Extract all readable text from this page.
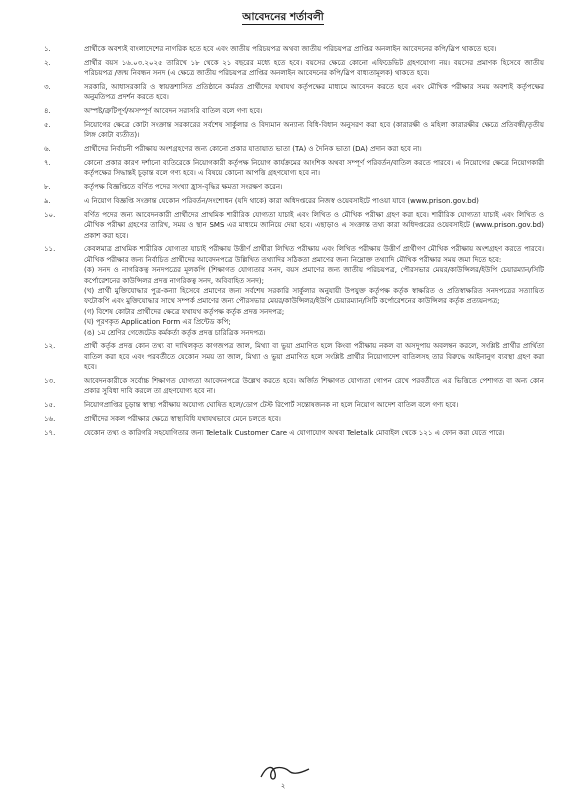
আবেদনের শর্তাবলী
১.	প্রার্থীকে অবশ্যই বাংলাদেশের নাগরিক হতে হবে এবং জাতীয় পরিচয়পত্র অথবা জাতীয় পরিচয়পত্র প্রাপ্তির অনলাইন আবেদনের কপি/স্লিপ থাকতে হবে।
২.	প্রার্থীর বয়স ১৬.০৩.২০২৫ তারিখে ১৮ থেকে ২১ বছরের মধ্যে হতে হবে। বয়সের ক্ষেত্রে কোনো এফিডেভিট গ্রহণযোগ্য নয়। বয়সের প্রমাণক হিসেবে জাতীয় পরিচয়পত্র /জন্ম নিবন্ধন সনদ (এ ক্ষেত্রে জাতীয় পরিচয়পত্র প্রাপ্তির অনলাইন আবেদনের কপি/স্লিপ বাধ্যতামূলক) থাকতে হবে।
৩.	সরকারি, আধাসরকারি ও স্বায়ত্তশাসিত প্রতিষ্ঠানে কর্মরত প্রার্থীদের যথাযথ কর্তৃপক্ষের মাধ্যমে আবেদন করতে হবে এবং মৌখিক পরীক্ষার সময় অবশ্যই কর্তৃপক্ষের অনুমতিপত্র প্রদর্শন করতে হবে।
৪.	অস্পষ্ট/ত্রুটিপূর্ণ/অসম্পূর্ণ আবেদন সরাসরি বাতিল বলে গণ্য হবে।
৫.	নিয়োগের ক্ষেত্রে কোটা সংক্রান্ত সরকারের সর্বশেষ সার্কুলার ও বিদ্যমান অন্যান্য বিধি-বিধান অনুসরণ করা হবে (কারারক্ষী ও মহিলা কারারক্ষীর ক্ষেত্রে প্রতিবন্ধী/তৃতীয় লিঙ্গ কোটা ব্যতীত)।
৬.	প্রার্থীদের নির্বাচনী পরীক্ষায় অংশগ্রহণের জন্য কোনো প্রকার যাতায়াত ভাতা (TA) ও দৈনিক ভাতা (DA) প্রদান করা হবে না।
৭.	কোনো প্রকার কারণ দর্শানো ব্যতিরেকে নিয়োগকারী কর্তৃপক্ষ নিয়োগ কার্যক্রমের আংশিক অথবা সম্পূর্ণ পরিবর্তন/বাতিল করতে পারবে। এ নিয়োগের ক্ষেত্রে নিয়োগকারী কর্তৃপক্ষের সিদ্ধান্তই চূড়ান্ত বলে গণ্য হবে। এ বিষয়ে কোনো আপত্তি গ্রহণযোগ্য হবে না।
৮.	কর্তৃপক্ষ বিজ্ঞপ্তিতে বর্ণিত পদের সংখ্যা হ্রাস-বৃদ্ধির ক্ষমতা সংরক্ষণ করেন।
৯.	এ নিয়োগ বিজ্ঞপ্তি সংক্রান্ত যেকোন পরিবর্তন/সংশোধন (যদি থাকে) কারা অধিদপ্তরের নিজস্ব ওয়েবসাইটে পাওয়া যাবে (www.prison.gov.bd)
১০.	বর্ণিত পদের জন্য আবেদনকারী প্রার্থীদের প্রাথমিক শারীরিক যোগ্যতা যাচাই এবং লিখিত ও মৌখিক পরীক্ষা গ্রহণ করা হবে। শারীরিক যোগ্যতা যাচাই এবং লিখিত ও মৌখিক পরীক্ষা গ্রহণের তারিখ, সময় ও স্থান SMS এর মাধ্যমে জানিয়ে দেয়া হবে। এছাড়াও এ সংক্রান্ত তথ্য কারা অধিদপ্তরের ওয়েবসাইটে (www.prison.gov.bd) প্রকাশ করা হবে।
১১.	কেবলমাত্র প্রাথমিক শারীরিক যোগ্যতা যাচাই পরীক্ষায় উত্তীর্ণ প্রার্থীরা লিখিত পরীক্ষায় এবং লিখিত পরীক্ষায় উত্তীর্ণ প্রার্থীগণ মৌখিক পরীক্ষায় অংশগ্রহণ করতে পারবে। মৌখিক পরীক্ষার জন্য নির্বাচিত প্রার্থীদের আবেদনপত্রে উল্লিখিত তথ্যাদির সঠিকতা প্রমাণের জন্য নিম্নোক্ত তথ্যাদি মৌখিক পরীক্ষার সময় জমা দিতে হবে:
(ক) সনদ ও নাগরিকত্ব সনদপত্রের মূলকপি (শিক্ষাগত যোগ্যতার সনদ, বয়স প্রমাণের জন্য জাতীয় পরিচয়পত্র, পৌরসভার মেয়র/কাউন্সিলর/ইউপি চেয়ারম্যান/সিটি কর্পোরেশনের কাউন্সিলর প্রদত্ত নাগরিকত্ব সনদ, অবিবাহিত সনদ);
(খ) প্রার্থী মুক্তিযোদ্ধার পুত্র-কন্যা হিসেবে প্রমাণের জন্য সর্বশেষ সরকারি সার্কুলার অনুযায়ী উপযুক্ত কর্তৃপক্ষ কর্তৃক স্বাক্ষরিত ও প্রতিস্বাক্ষরিত সনদপত্রের সত্যায়িত ফটোকপি এবং মুক্তিযোদ্ধার সাথে সম্পর্ক প্রমাণের জন্য পৌরসভার মেয়র/কাউন্সিলর/ইউপি চেয়ারম্যান/সিটি কর্পোরেশনের কাউন্সিলর কর্তৃক প্রত্যয়নপত্র;
(গ) বিশেষ কোটার প্রার্থীদের ক্ষেত্রে যথাযথ কর্তৃপক্ষ কর্তৃক প্রদত্ত সনদপত্র;
(ঘ) পূরণকৃত Application Form এর প্রিন্টেড কপি;
(ঙ) ১ম শ্রেণির গেজেটেড কর্মকর্তা কর্তৃক প্রদত্ত চারিত্রিক সনদপত্র।
১২.	প্রার্থী কর্তৃক প্রদত্ত কোন তথ্য বা দাখিলকৃত কাগজপত্র জাল, মিথ্যা বা ভুয়া প্রমাণিত হলে কিংবা পরীক্ষায় নকল বা অসদুপায় অবলম্বন করলে, সংশ্লিষ্ট প্রার্থীর প্রার্থিতা বাতিল করা হবে এবং পরবর্তীতে যেকোন সময় তা জাল, মিথ্যা ও ভুয়া প্রমাণিত হলে সংশ্লিষ্ট প্রার্থীর নিয়োগাদেশ বাতিলসহ তার বিরুদ্ধে আইনানুগ ব্যবস্থা গ্রহণ করা হবে।
১৩.	আবেদনকারীকে সর্বোচ্চ শিক্ষাগত যোগ্যতা আবেদনপত্রে উল্লেখ করতে হবে। অর্জিত শিক্ষাগত যোগ্যতা গোপন রেখে পরবর্তীতে এর ভিত্তিতে পেশাগত বা অন্য কোন প্রকার সুবিধা দাবি করলে তা গ্রহণযোগ্য হবে না।
১৫.	নিয়োগপ্রাপ্তির চূড়ান্ত স্বাস্থ্য পরীক্ষায় অযোগ্য ঘোষিত হলে/ডোপ টেস্ট রিপোর্ট সন্তোষজনক না হলে নিয়োগ আদেশ বাতিল বলে গণ্য হবে।
১৬.	প্রার্থীদের সকল পরীক্ষার ক্ষেত্রে স্বাস্থ্যবিধি যথাযথভাবে মেনে চলতে হবে।
১৭.	যেকোন তথ্য ও কারিগরি সহযোগিতার জন্য Teletalk Customer Care এ যোগাযোগ অথবা Teletalk মোবাইল থেকে ১২১ এ ফোন করা যেতে পারে।
২
